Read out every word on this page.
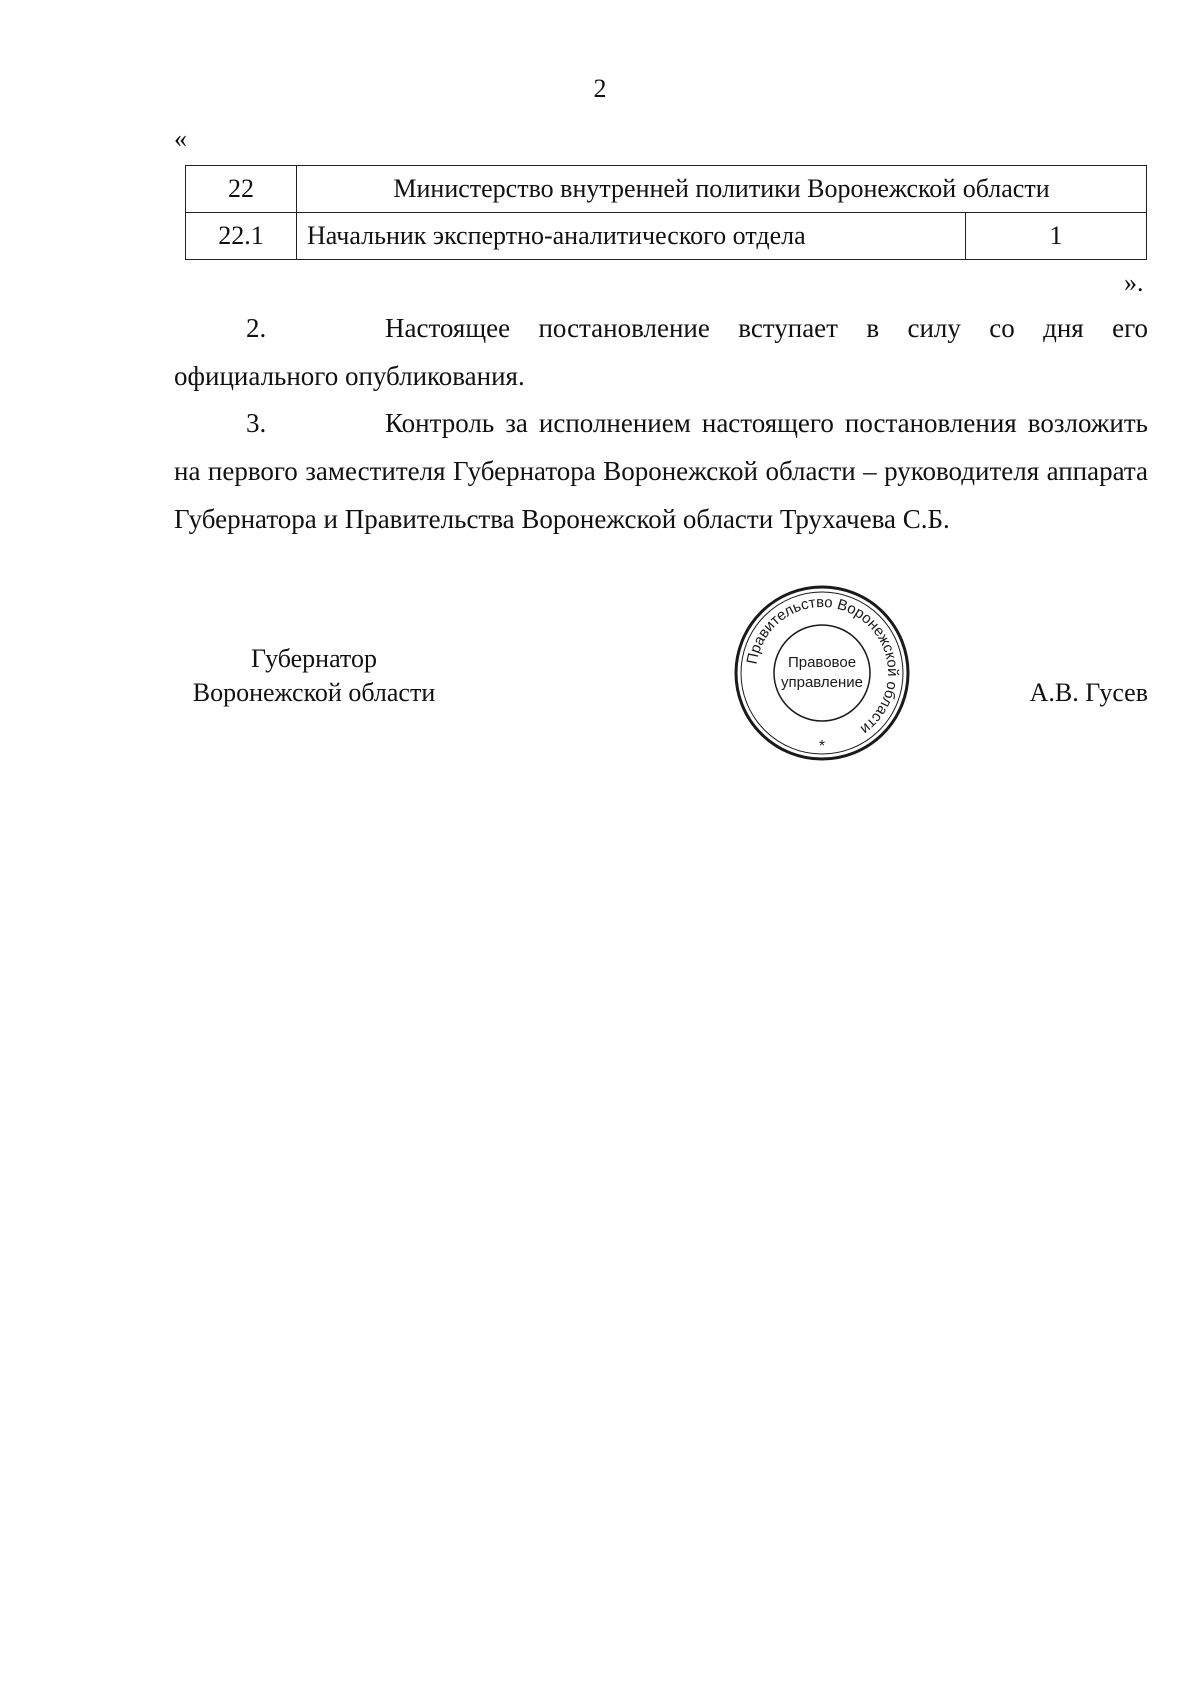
2
«
22	Министерство внутренней политики Воронежской области	
22.1	Начальник экспертно-аналитического отдела	1
».
2.	Настоящее постановление вступает в силу со дня его официального опубликования.
3.	Контроль за исполнением настоящего постановления возложить на первого заместителя Губернатора Воронежской области – руководителя аппарата Губернатора и Правительства Воронежской области Трухачева С.Б.
Губернатор
Воронежской области
Правительство Воронежской области
Правовое
управление
*
А.В. Гусев
